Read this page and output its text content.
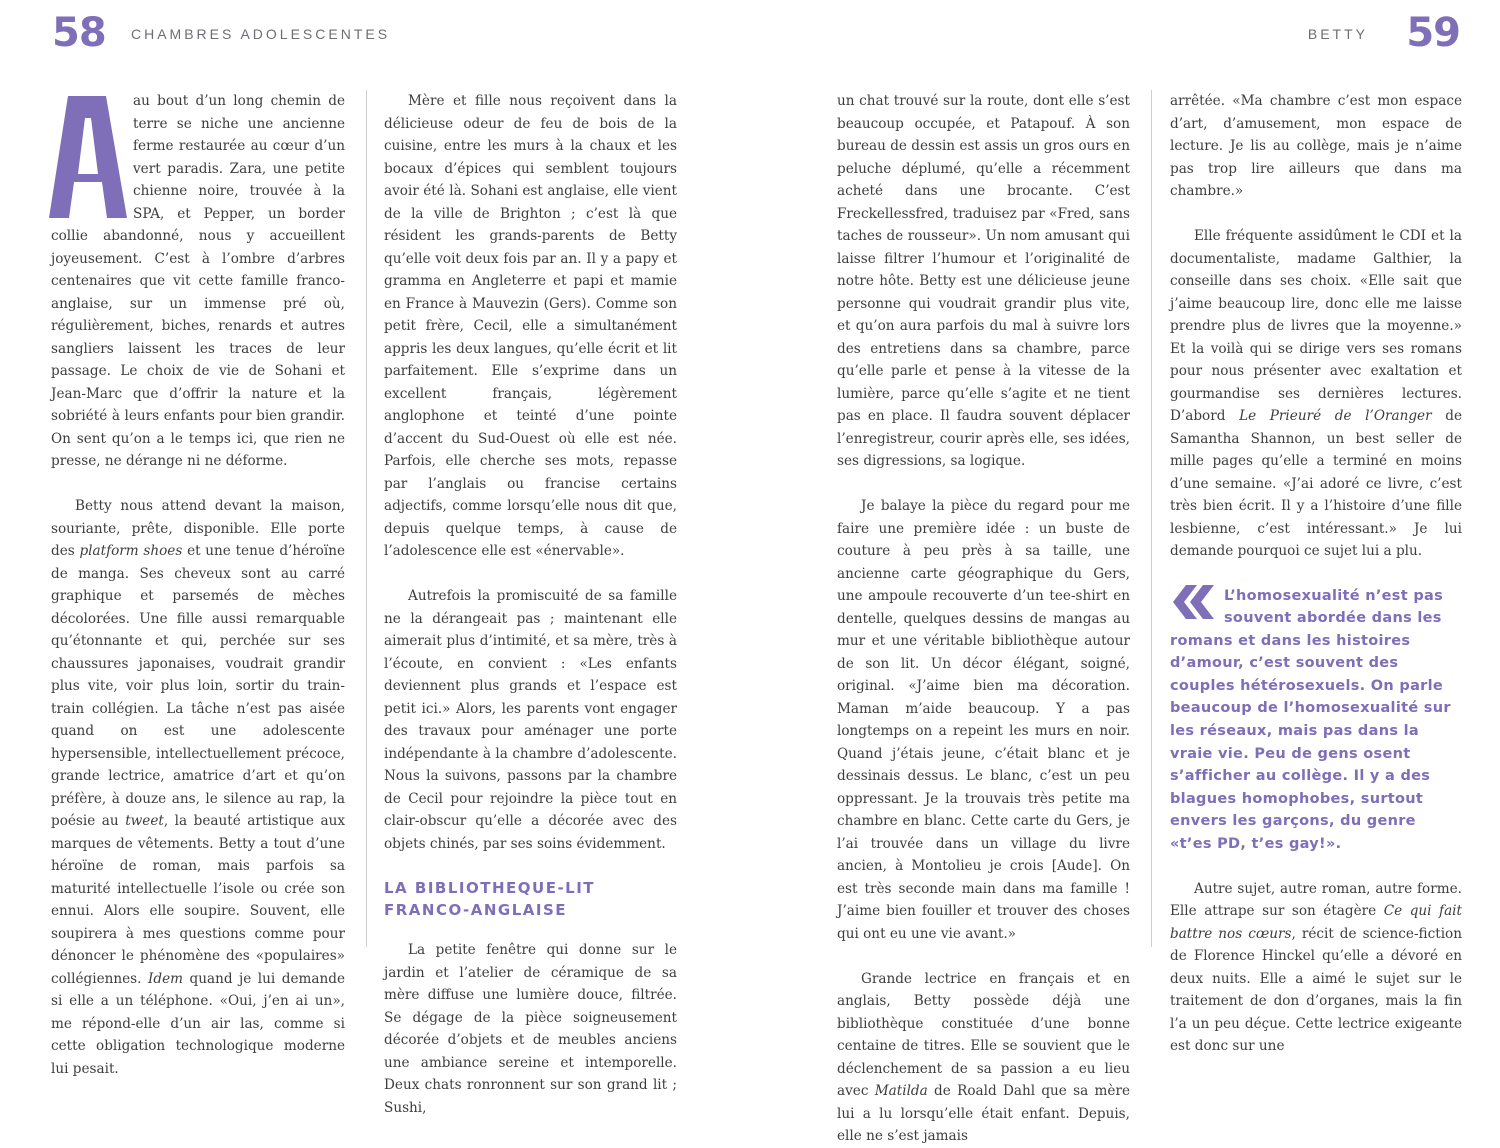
58 CHAMBRES ADOLESCENTES	BETTY 59

au bout d’un long chemin de terre se niche une ancienne ferme restaurée au cœur d’un vert paradis. Zara, une petite chienne noire, trouvée à la SPA, et Pepper, un border collie abandonné, nous y accueillent joyeusement. C’est à l’ombre d’arbres centenaires que vit cette famille franco-anglaise, sur un immense pré où, régulièrement, biches, renards et autres sangliers laissent les traces de leur passage. Le choix de vie de Sohani et Jean-Marc que d’offrir la nature et la sobriété à leurs enfants pour bien grandir. On sent qu’on a le temps ici, que rien ne presse, ne dérange ni ne déforme.

Betty nous attend devant la maison, souriante, prête, disponible. Elle porte des platform shoes et une tenue d’héroïne de manga. Ses cheveux sont au carré graphique et parsemés de mèches décolorées. Une fille aussi remarquable qu’étonnante et qui, perchée sur ses chaussures japonaises, voudrait grandir plus vite, voir plus loin, sortir du train-train collégien. La tâche n’est pas aisée quand on est une adolescente hypersensible, intellectuellement précoce, grande lectrice, amatrice d’art et qu’on préfère, à douze ans, le silence au rap, la poésie au tweet, la beauté artistique aux marques de vêtements. Betty a tout d’une héroïne de roman, mais parfois sa maturité intellectuelle l’isole ou crée son ennui. Alors elle soupire. Souvent, elle soupirera à mes questions comme pour dénoncer le phénomène des «populaires» collégiennes. Idem quand je lui demande si elle a un téléphone. «Oui, j’en ai un», me répond-elle d’un air las, comme si cette obligation technologique moderne lui pesait.

Mère et fille nous reçoivent dans la délicieuse odeur de feu de bois de la cuisine, entre les murs à la chaux et les bocaux d’épices qui semblent toujours avoir été là. Sohani est anglaise, elle vient de la ville de Brighton ; c’est là que résident les grands-parents de Betty qu’elle voit deux fois par an. Il y a papy et gramma en Angleterre et papi et mamie en France à Mauvezin (Gers). Comme son petit frère, Cecil, elle a simultanément appris les deux langues, qu’elle écrit et lit parfaitement. Elle s’exprime dans un excellent français, légèrement anglophone et teinté d’une pointe d’accent du Sud-Ouest où elle est née. Parfois, elle cherche ses mots, repasse par l’anglais ou francise certains adjectifs, comme lorsqu’elle nous dit que, depuis quelque temps, à cause de l’adolescence elle est «énervable».

Autrefois la promiscuité de sa famille ne la dérangeait pas ; maintenant elle aimerait plus d’intimité, et sa mère, très à l’écoute, en convient : «Les enfants deviennent plus grands et l’espace est petit ici.» Alors, les parents vont engager des travaux pour aménager une porte indépendante à la chambre d’adolescente. Nous la suivons, passons par la chambre de Cecil pour rejoindre la pièce tout en clair-obscur qu’elle a décorée avec des objets chinés, par ses soins évidemment.

LA BIBLIOTHEQUE-LIT FRANCO-ANGLAISE

La petite fenêtre qui donne sur le jardin et l’atelier de céramique de sa mère diffuse une lumière douce, filtrée. Se dégage de la pièce soigneusement décorée d’objets et de meubles anciens une ambiance sereine et intemporelle. Deux chats ronronnent sur son grand lit ; Sushi,

un chat trouvé sur la route, dont elle s’est beaucoup occupée, et Patapouf. À son bureau de dessin est assis un gros ours en peluche déplumé, qu’elle a récemment acheté dans une brocante. C’est Freckellessfred, traduisez par «Fred, sans taches de rousseur». Un nom amusant qui laisse filtrer l’humour et l’originalité de notre hôte. Betty est une délicieuse jeune personne qui voudrait grandir plus vite, et qu’on aura parfois du mal à suivre lors des entretiens dans sa chambre, parce qu’elle parle et pense à la vitesse de la lumière, parce qu’elle s’agite et ne tient pas en place. Il faudra souvent déplacer l’enregistreur, courir après elle, ses idées, ses digressions, sa logique.

Je balaye la pièce du regard pour me faire une première idée : un buste de couture à peu près à sa taille, une ancienne carte géographique du Gers, une ampoule recouverte d’un tee-shirt en dentelle, quelques dessins de mangas au mur et une véritable bibliothèque autour de son lit. Un décor élégant, soigné, original. «J’aime bien ma décoration. Maman m’aide beaucoup. Y a pas longtemps on a repeint les murs en noir. Quand j’étais jeune, c’était blanc et je dessinais dessus. Le blanc, c’est un peu oppressant. Je la trouvais très petite ma chambre en blanc. Cette carte du Gers, je l’ai trouvée dans un village du livre ancien, à Montolieu je crois [Aude]. On est très seconde main dans ma famille ! J’aime bien fouiller et trouver des choses qui ont eu une vie avant.»

Grande lectrice en français et en anglais, Betty possède déjà une bibliothèque constituée d’une bonne centaine de titres. Elle se souvient que le déclenchement de sa passion a eu lieu avec Matilda de Roald Dahl que sa mère lui a lu lorsqu’elle était enfant. Depuis, elle ne s’est jamais

arrêtée. «Ma chambre c’est mon espace d’art, d’amusement, mon espace de lecture. Je lis au collège, mais je n’aime pas trop lire ailleurs que dans ma chambre.»

Elle fréquente assidûment le CDI et la documentaliste, madame Galthier, la conseille dans ses choix. «Elle sait que j’aime beaucoup lire, donc elle me laisse prendre plus de livres que la moyenne.» Et la voilà qui se dirige vers ses romans pour nous présenter avec exaltation et gourmandise ses dernières lectures. D’abord Le Prieuré de l’Oranger de Samantha Shannon, un best seller de mille pages qu’elle a terminé en moins d’une semaine. «J’ai adoré ce livre, c’est très bien écrit. Il y a l’histoire d’une fille lesbienne, c’est intéressant.» Je lui demande pourquoi ce sujet lui a plu.

L’homosexualité n’est pas souvent abordée dans les romans et dans les histoires d’amour, c’est souvent des couples hétérosexuels. On parle beaucoup de l’homosexualité sur les réseaux, mais pas dans la vraie vie. Peu de gens osent s’afficher au collège. Il y a des blagues homophobes, surtout envers les garçons, du genre «t’es PD, t’es gay!».

Autre sujet, autre roman, autre forme. Elle attrape sur son étagère Ce qui fait battre nos cœurs, récit de science-fiction de Florence Hinckel qu’elle a dévoré en deux nuits. Elle a aimé le sujet sur le traitement de don d’organes, mais la fin l’a un peu déçue. Cette lectrice exigeante est donc sur une
